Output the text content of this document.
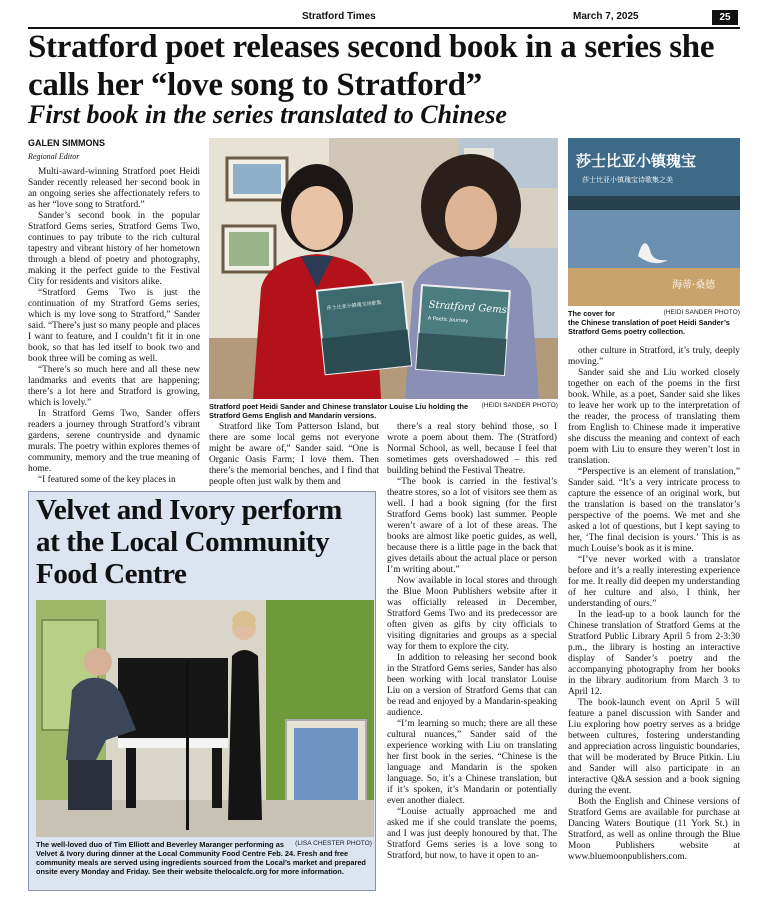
Stratford Times	March 7, 2025	25
Stratford poet releases second book in a series she calls her “love song to Stratford”
First book in the series translated to Chinese
GALEN SIMMONS
Regional Editor

Multi-award-winning Stratford poet Heidi Sander recently released her second book in an ongoing series she affectionately refers to as her “love song to Stratford.”

Sander’s second book in the popular Stratford Gems series, Stratford Gems Two, continues to pay tribute to the rich cultural tapestry and vibrant history of her hometown through a blend of poetry and photography, making it the perfect guide to the Festival City for residents and visitors alike.

“Stratford Gems Two is just the continuation of my Stratford Gems series, which is my love song to Stratford,” Sander said. “There’s just so many people and places I want to feature, and I couldn’t fit it in one book, so that has led itself to book two and book three will be coming as well.

“There’s so much here and all these new landmarks and events that are happening; there’s a lot here and Stratford is growing, which is lovely.”

In Stratford Gems Two, Sander offers readers a journey through Stratford’s vibrant gardens, serene countryside and dynamic murals. The poetry within explores themes of community, memory and the true meaning of home.

“I featured some of the key places in

莎士比亚小镇瑰宝诗歌集	Stratford Gems
A Poetic Journey
(HEIDI SANDER PHOTO)
Stratford poet Heidi Sander and Chinese translator Louise Liu holding the Stratford Gems English and Mandarin versions.

Stratford like Tom Patterson Island, but there are some local gems not everyone might be aware of,” Sander said. “One is Organic Oasis Farm; I love them. Then there’s the memorial benches, and I find that people often just walk by them and

there’s a real story behind those, so I wrote a poem about them. The (Stratford) Normal School, as well, because I feel that sometimes gets overshadowed – this red building behind the Festival Theatre.

“The book is carried in the festival’s theatre stores, so a lot of visitors see them as well. I had a book signing (for the first Stratford Gems book) last summer. People weren’t aware of a lot of these areas. The books are almost like poetic guides, as well, because there is a little page in the back that gives details about the actual place or person I’m writing about.”

Now available in local stores and through the Blue Moon Publishers website after it was officially released in December, Stratford Gems Two and its predecessor are often given as gifts by city officials to visiting dignitaries and groups as a special way for them to explore the city.

In addition to releasing her second book in the Stratford Gems series, Sander has also been working with local translator Louise Liu on a version of Stratford Gems that can be read and enjoyed by a Mandarin-speaking audience.

“I’m learning so much; there are all these cultural nuances,” Sander said of the experience working with Liu on translating her first book in the series. “Chinese is the language and Mandarin is the spoken language. So, it’s a Chinese translation, but if it’s spoken, it’s Mandarin or potentially even another dialect.

“Louise actually approached me and asked me if she could translate the poems, and I was just deeply honoured by that. The Stratford Gems series is a love song to Stratford, but now, to have it open to an-

莎士比亚小镇瑰宝
莎士比亚小镇瑰宝诗歌集之美
海蒂·桑德
The cover for	(HEIDI SANDER PHOTO)

the Chinese translation of poet Heidi Sander’s Stratford Gems poetry collection.

other culture in Stratford, it’s truly, deeply moving.”

Sander said she and Liu worked closely together on each of the poems in the first book. While, as a poet, Sander said she likes to leave her work up to the interpretation of the reader, the process of translating them from English to Chinese made it imperative she discuss the meaning and context of each poem with Liu to ensure they weren’t lost in translation.

“Perspective is an element of translation,” Sander said. “It’s a very intricate process to capture the essence of an original work, but the translation is based on the translator’s perspective of the poems. We met and she asked a lot of questions, but I kept saying to her, ‘The final decision is yours.’ This is as much Louise’s book as it is mine.

“I’ve never worked with a translator before and it’s a really interesting experience for me. It really did deepen my understanding of her culture and also, I think, her understanding of ours.”

In the lead-up to a book launch for the Chinese translation of Stratford Gems at the Stratford Public Library April 5 from 2-3:30 p.m., the library is hosting an interactive display of Sander’s poetry and the accompanying photography from her books in the library auditorium from March 3 to April 12.

The book-launch event on April 5 will feature a panel discussion with Sander and Liu exploring how poetry serves as a bridge between cultures, fostering understanding and appreciation across linguistic boundaries, that will be moderated by Bruce Pitkin. Liu and Sander will also participate in an interactive Q&A session and a book signing during the event.

Both the English and Chinese versions of Stratford Gems are available for purchase at Dancing Waters Boutique (11 York St.) in Stratford, as well as online through the Blue Moon Publishers website at www.bluemoonpublishers.com.

Velvet and Ivory perform at the Local Community Food Centre
(LISA CHESTER PHOTO)
The well-loved duo of Tim Elliott and Beverley Maranger performing as Velvet & Ivory during dinner at the Local Community Food Centre Feb. 24. Fresh and free community meals are served using ingredients sourced from the Local’s market and prepared onsite every Monday and Friday. See their website thelocalcfc.org for more information.
